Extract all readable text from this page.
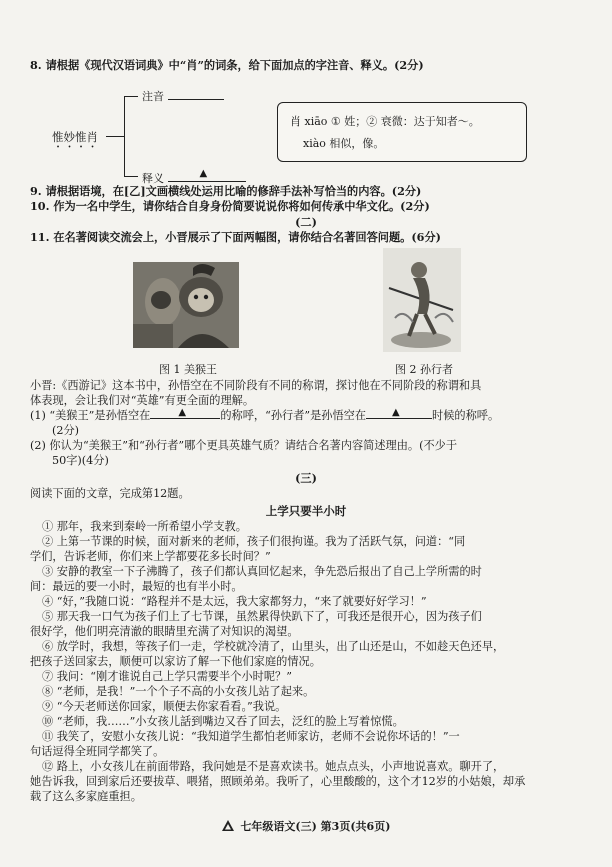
8. 请根据《现代汉语词典》中“肖”的词条，给下面加点的字注音、释义。(2分)
注音
惟妙惟肖
释义	▲
肖 xiāo ① 姓；② 衰微：达于知者～。
xiào 相似，像。
9. 请根据语境，在[乙]文画横线处运用比喻的修辞手法补写恰当的内容。(2分)
10. 作为一名中学生，请你结合自身身份简要说说你将如何传承中华文化。(2分)
(二)
11. 在名著阅读交流会上，小晋展示了下面两幅图，请你结合名著回答问题。(6分)
图 1 美猴王	图 2 孙行者
小晋:《西游记》这本书中，孙悟空在不同阶段有不同的称谓，探讨他在不同阶段的称谓和具
体表现，会让我们对“英雄”有更全面的理解。
(1) “美猴王”是孙悟空在	▲	的称呼，“孙行者”是孙悟空在	▲	时候的称呼。
(2分)
(2) 你认为“美猴王”和“孙行者”哪个更具英雄气质？请结合名著内容简述理由。(不少于
50字)(4分)
(三)
阅读下面的文章，完成第12题。
上学只要半小时
① 那年，我来到秦岭一所希望小学支教。
② 上第一节课的时候，面对新来的老师，孩子们很拘谨。我为了活跃气氛，问道：“同
学们，告诉老师，你们来上学都要花多长时间？”
③ 安静的教室一下子沸腾了，孩子们都认真回忆起来，争先恐后报出了自己上学所需的时
间：最远的要一小时，最短的也有半小时。
④ “好，”我随口说：“路程并不是太远，我大家都努力，“来了就要好好学习！”
⑤ 那天我一口气为孩子们上了七节课，虽然累得快趴下了，可我还是很开心，因为孩子们
很好学，他们明亮清澈的眼睛里充满了对知识的渴望。
⑥ 放学时，我想，等孩子们一走，学校就冷清了，山里头，出了山还是山，不如趁天色还早，
把孩子送回家去，顺便可以家访了解一下他们家庭的情况。
⑦ 我问：“刚才谁说自己上学只需要半个小时呢？”
⑧ “老师，是我！”一个个子不高的小女孩儿站了起来。
⑨ “今天老师送你回家，顺便去你家看看。”我说。
⑩ “老师，我……”小女孩儿話到嘴边又吞了回去，泛红的脸上写着惊慌。
⑪ 我笑了，安慰小女孩儿说：“我知道学生都怕老师家访，老师不会说你坏话的！”一
句话逗得全班同学都笑了。
⑫ 路上，小女孩儿在前面带路，我问她是不是喜欢读书。她点点头，小声地说喜欢。聊开了，
她告诉我，回到家后还要拔草、喂猪，照顾弟弟。我听了，心里酸酸的，这个才12岁的小姑娘，却承
载了这么多家庭重担。
七年级语文(三) 第3页(共6页)
